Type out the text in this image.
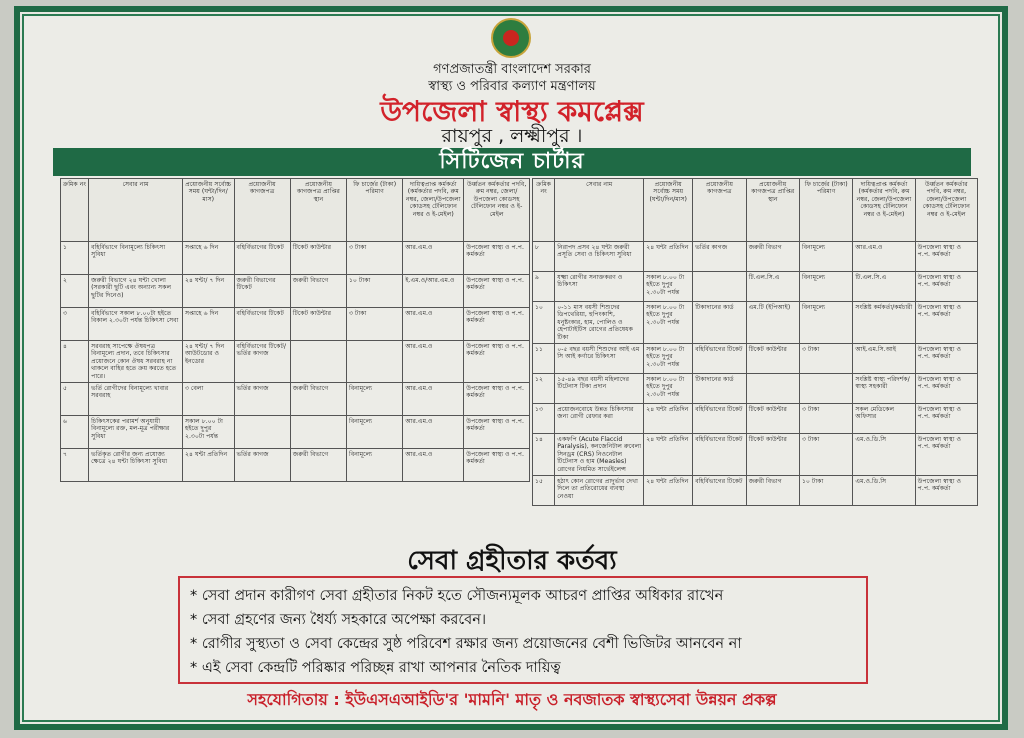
গণপ্রজাতন্ত্রী বাংলাদেশ সরকার
স্বাস্থ্য ও পরিবার কল্যাণ মন্ত্রণালয়
উপজেলা স্বাস্থ্য কমপ্লেক্স
রায়পুর , লক্ষ্মীপুর ।
সিটিজেন চার্টার
ক্রমিক নং	সেবার নাম	প্রয়োজনীয় সর্বোচ্চ সময় (ঘন্টা/দিন/মাস)	প্রয়োজনীয় কাগজপত্র	প্রয়োজনীয় কাগজপত্র প্রাপ্তির স্থান	ফি চার্জের (টাকা) পরিমাণ	দায়িত্বপ্রাপ্ত কর্মকর্তা (কর্মকর্তার পদবি, রুম নম্বর, জেলা/উপজেলা কোডসহ টেলিফোন নম্বর ও ই-মেইল)	উর্ধ্বতন কর্মকর্তার পদবি, রুম নম্বর, জেলা/উপজেলা কোডসহ টেলিফোন নম্বর ও ই-মেইল
১	বহির্বিভাগে বিনামূল্যে চিকিৎসা সুবিধা	সপ্তাহে ৬ দিন	বহির্বিভাগের টিকেট	টিকেট কাউন্টার	৩ টাকা	আর.এম.ও	উপজেলা স্বাস্থ্য ও প.প. কর্মকর্তা
২	জরুরী বিভাগে ২৪ ঘন্টা খোলা (সরকারী ছুটি এবং অন্যান্য সকল ছুটির দিনেও)	২৪ ঘন্টা/ ৭ দিন	জরুরী বিভাগের টিকেট	জরুরী বিভাগে	১০ টাকা	ই.এম.ও/আর.এম.ও	উপজেলা স্বাস্থ্য ও প.প. কর্মকর্তা
৩	বহির্বিভাগে সকাল ৮.০০টা হইতে বিকাল ২.৩০টা পর্যন্ত চিকিৎসা সেবা	সপ্তাহে ৬ দিন	বহির্বিভাগের টিকেট	টিকেট কাউন্টার	৩ টাকা	আর.এম.ও	উপজেলা স্বাস্থ্য ও প.প. কর্মকর্তা
৪	সরবরাহ সাপেক্ষে ঔষধপত্র বিনামূল্যে প্রদান, তবে চিকিৎসার প্রয়োজনে কোন ঔষধ সরবরাহ না থাকলে বাহির হতে ক্রয় করতে হতে পারে।	২৪ ঘন্টা/ ৭ দিন আউটডোর ও ইনডোর	বহির্বিভাগের টিকেট/ ভর্তির কাগজ			আর.এম.ও	উপজেলা স্বাস্থ্য ও প.প. কর্মকর্তা
৫	ভর্তি রোগীদের বিনামূল্যে খাবার সরবরাহ	৩ বেলা	ভর্তির কাগজ	জরুরী বিভাগে	বিনামূল্যে	আর.এম.ও	উপজেলা স্বাস্থ্য ও প.প. কর্মকর্তা
৬	চিকিৎসকের পরামর্শ অনুযায়ী বিনামূল্যে রক্ত, মল-মূত্র পরীক্ষার সুবিধা	সকাল ৮.০০ টা হইতে দুপুর ২.৩০টা পর্যন্ত			বিনামূল্যে	আর.এম.ও	উপজেলা স্বাস্থ্য ও প.প. কর্মকর্তা
৭	ভর্তিকৃত রোগীর জন্য প্রযোজ্য ক্ষেত্রে ২৪ ঘন্টা চিকিৎসা সুবিধা	২৪ ঘন্টা প্রতিদিন	ভর্তির কাগজ	জরুরী বিভাগে	বিনামূল্যে	আর.এম.ও	উপজেলা স্বাস্থ্য ও প.প. কর্মকর্তা
ক্রমিক নং	সেবার নাম	প্রয়োজনীয় সর্বোচ্চ সময় (ঘন্টা/দিন/মাস)	প্রয়োজনীয় কাগজপত্র	প্রয়োজনীয় কাগজপত্র প্রাপ্তির স্থান	ফি চার্জের (টাকা) পরিমাণ	দায়িত্বপ্রাপ্ত কর্মকর্তা (কর্মকর্তার পদবি, রুম নম্বর, জেলা/উপজেলা কোডসহ টেলিফোন নম্বর ও ই-মেইল)	উর্ধ্বতন কর্মকর্তার পদবি, রুম নম্বর, জেলা/উপজেলা কোডসহ টেলিফোন নম্বর ও ই-মেইল
৮	নিরাপদ প্রসব ২৪ ঘন্টা জরুরী প্রসূতি সেবা ও চিকিৎসা সুবিধা	২৪ ঘন্টা প্রতিদিন	ভর্তির কাগজ	জরুরী বিভাগ	বিনামূল্যে	আর.এম.ও	উপজেলা স্বাস্থ্য ও প.প. কর্মকর্তা
৯	যক্ষ্মা রোগীর সনাক্তকরণ ও চিকিৎসা	সকাল ৮.০০ টা হইতে দুপুর ২.৩০টা পর্যন্ত		টি.এল.সি.এ	বিনামূল্যে	টি.এল.সি.এ	উপজেলা স্বাস্থ্য ও প.প. কর্মকর্তা
১০	০-১১ মাস বয়সী শিশুদের ডিপথেরিয়া, হুপিংকাশি, ধনুষ্টংকার, হাম, পোলিও ও হেপাটাইটিস রোগের প্রতিষেধক টিকা	সকাল ৮.০০ টা হইতে দুপুর ২.৩০টা পর্যন্ত	টিকাদানের কার্ড	এম.টি (ইপিআই)	বিনামূল্যে	সংশ্লিষ্ট কর্মকর্তা/কর্মচারী	উপজেলা স্বাস্থ্য ও প.প. কর্মকর্তা
১১	০-৫ বছর বয়সী শিশুদের আই এম সি আই কর্ণারে চিকিৎসা	সকাল ৮.০০ টা হইতে দুপুর ২.৩০টা পর্যন্ত	বহির্বিভাগের টিকেট	টিকেট কাউন্টার	৩ টাকা	আই.এম.সি.আই	উপজেলা স্বাস্থ্য ও প.প. কর্মকর্তা
১২	১৫-৪৯ বছর বয়সী মহিলাদের টিটেনাস টিকা প্রদান	সকাল ৮.০০ টা হইতে দুপুর ২.৩০টা পর্যন্ত	টিকাদানের কার্ড			সংশ্লিষ্ট স্বাস্থ্য পরিদর্শক/স্বাস্থ্য সহকারী	উপজেলা স্বাস্থ্য ও প.প. কর্মকর্তা
১৩	প্রয়োজনবোধে উন্নত চিকিৎসার জন্য রোগী রেফার করা	২৪ ঘন্টা প্রতিদিন	বহির্বিভাগের টিকেট	টিকেট কাউন্টার	৩ টাকা	সকল মেডিকেল অফিসার	উপজেলা স্বাস্থ্য ও প.প. কর্মকর্তা
১৪	একফপি (Acute Flaccid Paralysis), কনজেনিটাল রুবেলা সিনড্রম (CRS) নিওনেটাল টিটেনাস ও হাম (Measles) রোগের নিয়মিত সার্ভেইলেন্স	২৪ ঘন্টা প্রতিদিন	বহির্বিভাগের টিকেট	টিকেট কাউন্টার	৩ টাকা	এম.ও.ডি.সি	উপজেলা স্বাস্থ্য ও প.প. কর্মকর্তা
১৫	হঠাৎ কোন রোগের প্রাদুর্ভাব দেখা দিলে তা প্রতিরোধের ব্যবস্থা নেওয়া	২৪ ঘন্টা প্রতিদিন	বহির্বিভাগের টিকেট	জরুরী বিভাগ	১০ টাকা	এম.ও.ডি.সি	উপজেলা স্বাস্থ্য ও প.প. কর্মকর্তা
সেবা গ্রহীতার কর্তব্য
* সেবা প্রদান কারীগণ সেবা গ্রহীতার নিকট হতে সৌজন্যমূলক আচরণ প্রাপ্তির অধিকার রাখেন
* সেবা গ্রহণের জন্য ধৈর্য্য সহকারে অপেক্ষা করবেন।
* রোগীর সুস্থ্যতা ও সেবা কেন্দ্রের সুষ্ঠ পরিবেশ রক্ষার জন্য প্রয়োজনের বেশী ভিজিটর আনবেন না
* এই সেবা কেন্দ্রটি পরিষ্কার পরিচ্ছন্ন রাখা আপনার নৈতিক দায়িত্ব
সহযোগিতায় : ইউএসএআইডি'র 'মামনি' মাতৃ ও নবজাতক স্বাস্থ্যসেবা উন্নয়ন প্রকল্প
